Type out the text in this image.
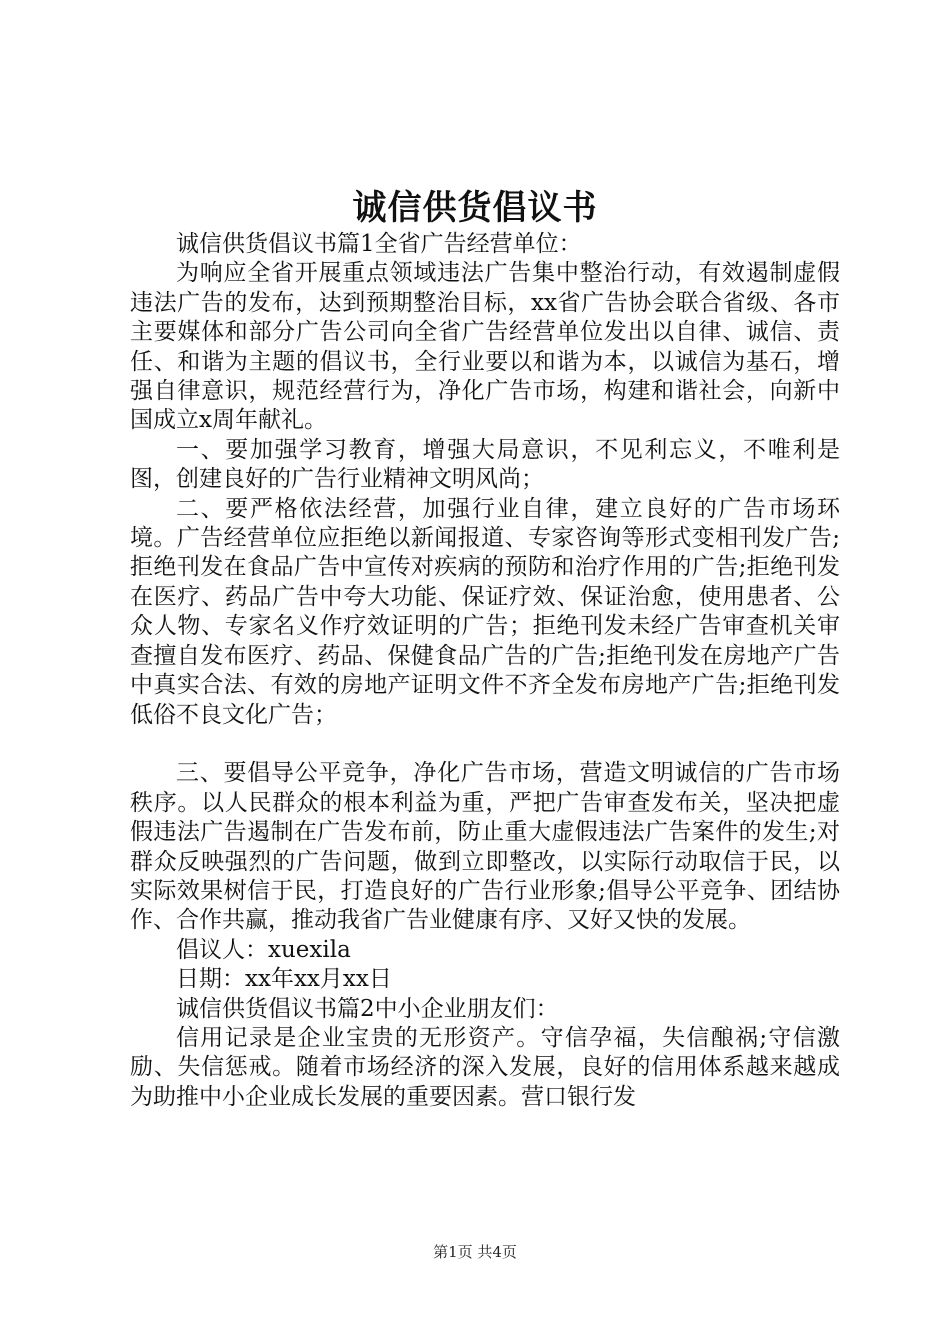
诚信供货倡议书

诚信供货倡议书篇1全省广告经营单位：

为响应全省开展重点领域违法广告集中整治行动，有效遏制虚假违法广告的发布，达到预期整治目标，xx省广告协会联合省级、各市主要媒体和部分广告公司向全省广告经营单位发出以自律、诚信、责任、和谐为主题的倡议书，全行业要以和谐为本，以诚信为基石，增强自律意识，规范经营行为，净化广告市场，构建和谐社会，向新中国成立x周年献礼。

一、要加强学习教育，增强大局意识，不见利忘义，不唯利是图，创建良好的广告行业精神文明风尚；

二、要严格依法经营，加强行业自律，建立良好的广告市场环境。广告经营单位应拒绝以新闻报道、专家咨询等形式变相刊发广告;拒绝刊发在食品广告中宣传对疾病的预防和治疗作用的广告;拒绝刊发在医疗、药品广告中夸大功能、保证疗效、保证治愈，使用患者、公众人物、专家名义作疗效证明的广告；拒绝刊发未经广告审查机关审查擅自发布医疗、药品、保健食品广告的广告;拒绝刊发在房地产广告中真实合法、有效的房地产证明文件不齐全发布房地产广告;拒绝刊发低俗不良文化广告；

三、要倡导公平竞争，净化广告市场，营造文明诚信的广告市场秩序。以人民群众的根本利益为重，严把广告审查发布关，坚决把虚假违法广告遏制在广告发布前，防止重大虚假违法广告案件的发生;对群众反映强烈的广告问题，做到立即整改，以实际行动取信于民，以实际效果树信于民，打造良好的广告行业形象;倡导公平竞争、团结协作、合作共赢，推动我省广告业健康有序、又好又快的发展。

倡议人：xuexila

日期：xx年xx月xx日

诚信供货倡议书篇2中小企业朋友们：

信用记录是企业宝贵的无形资产。守信孕福，失信酿祸;守信激励、失信惩戒。随着市场经济的深入发展，良好的信用体系越来越成为助推中小企业成长发展的重要因素。营口银行发

第1页 共4页
